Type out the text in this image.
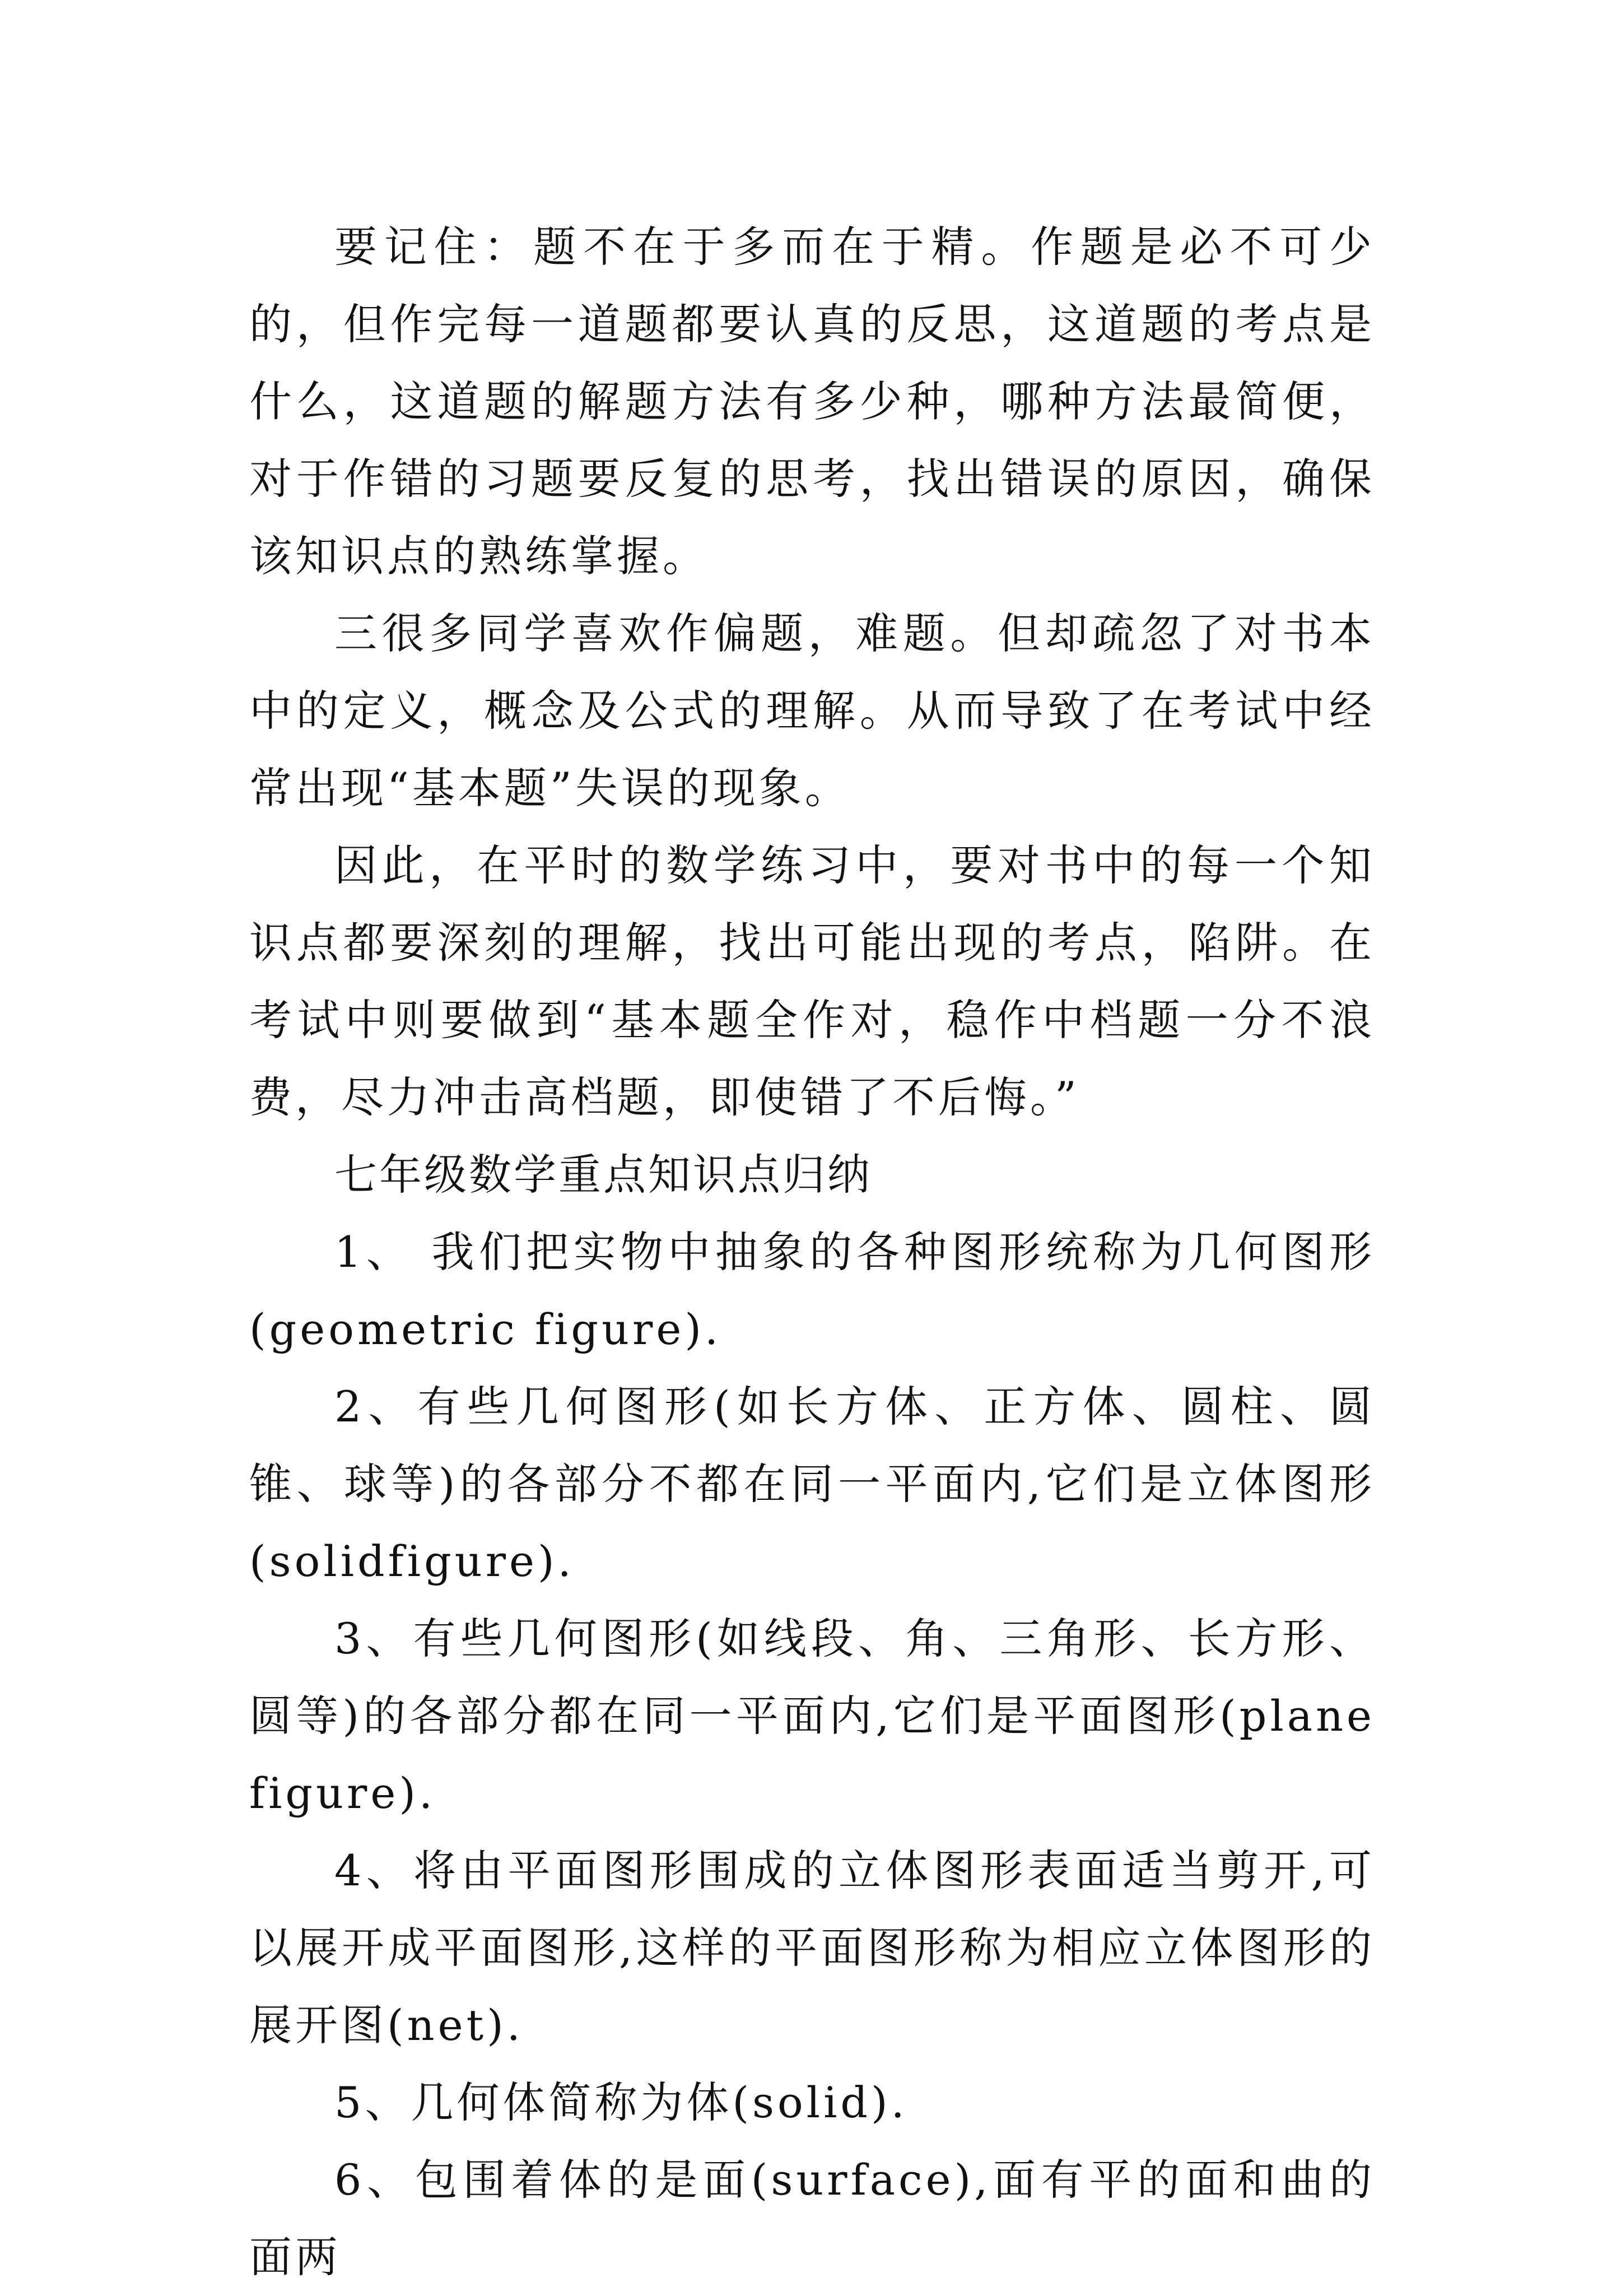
要记住：题不在于多而在于精。作题是必不可少的，但作完每一道题都要认真的反思，这道题的考点是什么，这道题的解题方法有多少种，哪种方法最简便，对于作错的习题要反复的思考，找出错误的原因，确保该知识点的熟练掌握。

三很多同学喜欢作偏题，难题。但却疏忽了对书本中的定义，概念及公式的理解。从而导致了在考试中经常出现“基本题”失误的现象。

因此，在平时的数学练习中，要对书中的每一个知识点都要深刻的理解，找出可能出现的考点，陷阱。在考试中则要做到“基本题全作对，稳作中档题一分不浪费，尽力冲击高档题，即使错了不后悔。”

七年级数学重点知识点归纳

1、 我们把实物中抽象的各种图形统称为几何图形(geometric figure).

2、有些几何图形(如长方体、正方体、圆柱、圆锥、球等)的各部分不都在同一平面内,它们是立体图形(solidfigure).

3、有些几何图形(如线段、角、三角形、长方形、圆等)的各部分都在同一平面内,它们是平面图形(planefigure).

4、将由平面图形围成的立体图形表面适当剪开,可以展开成平面图形,这样的平面图形称为相应立体图形的展开图(net).

5、几何体简称为体(solid).

6、包围着体的是面(surface),面有平的面和曲的面两
